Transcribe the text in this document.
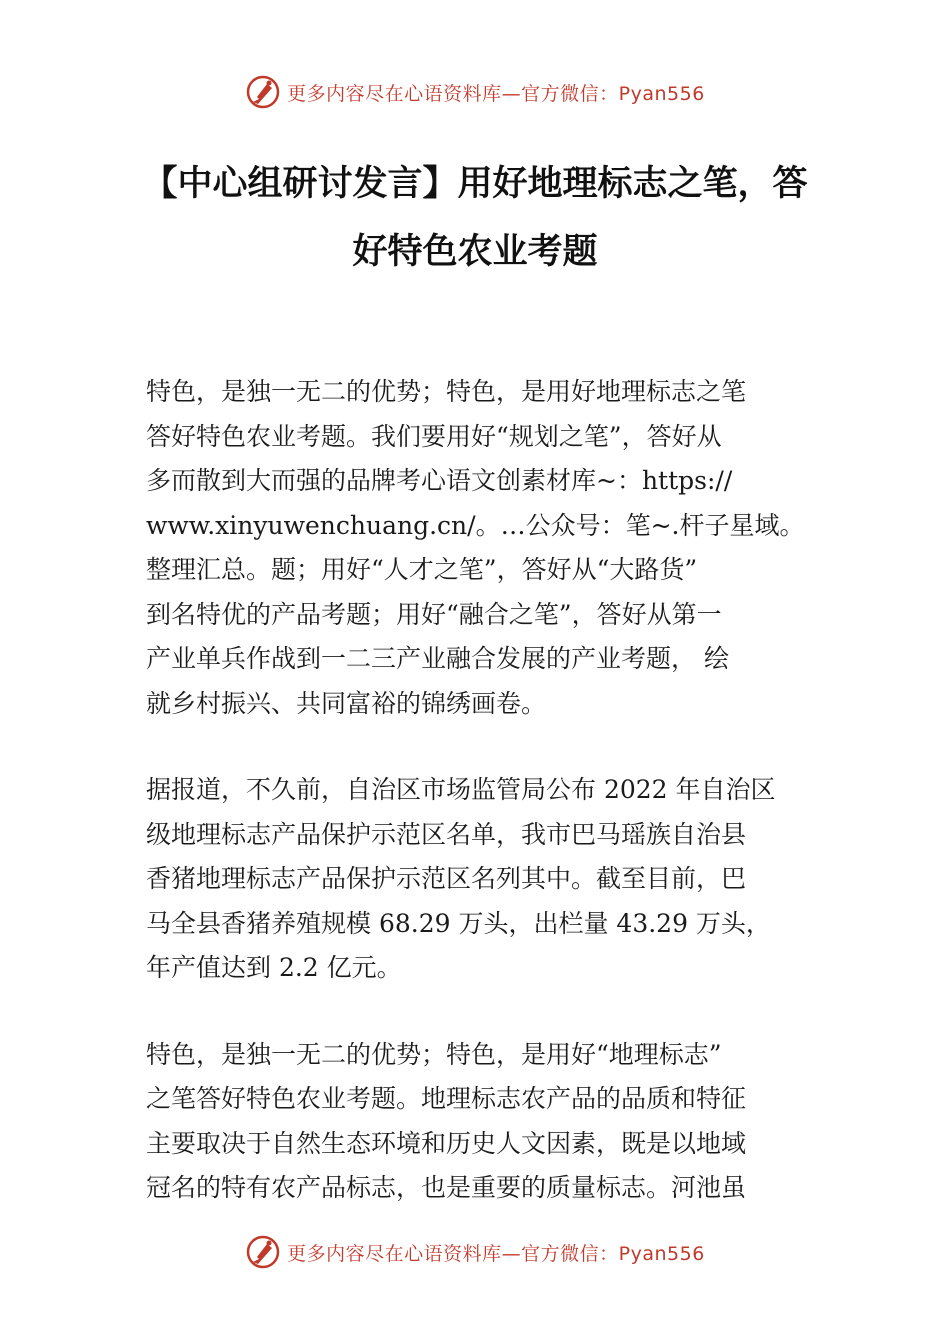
更多内容尽在心语资料库—官方微信：Pyan556
【中心组研讨发言】用好地理标志之笔，答
好特色农业考题
特色，是独一无二的优势；特色，是用好地理标志之笔
答好特色农业考题。我们要用好“规划之笔”，答好从
多而散到大而强的品牌考心语文创素材库~：https://
www.xinyuwenchuang.cn/。…公众号：笔~.杆子星域。
整理汇总。题；用好“人才之笔”，答好从“大路货”
到名特优的产品考题；用好“融合之笔”，答好从第一
产业单兵作战到一二三产业融合发展的产业考题， 绘
就乡村振兴、共同富裕的锦绣画卷。
据报道，不久前，自治区市场监管局公布 2022 年自治区
级地理标志产品保护示范区名单，我市巴马瑶族自治县
香猪地理标志产品保护示范区名列其中。截至目前，巴
马全县香猪养殖规模 68.29 万头，出栏量 43.29 万头，
年产值达到 2.2 亿元。
特色，是独一无二的优势；特色，是用好“地理标志”
之笔答好特色农业考题。地理标志农产品的品质和特征
主要取决于自然生态环境和历史人文因素，既是以地域
冠名的特有农产品标志，也是重要的质量标志。河池虽
更多内容尽在心语资料库—官方微信：Pyan556
